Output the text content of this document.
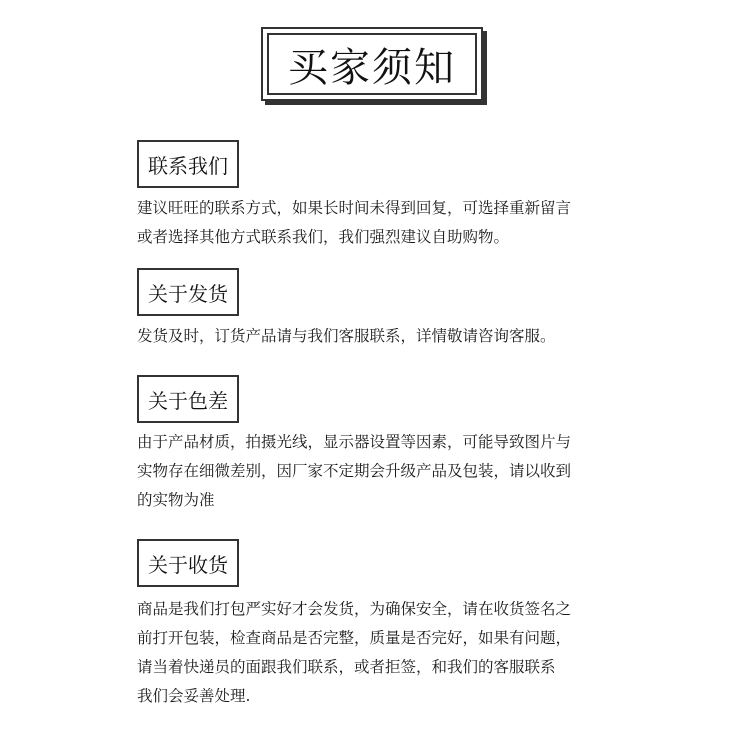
买家须知
联系我们
建议旺旺的联系方式，如果长时间未得到回复，可选择重新留言
或者选择其他方式联系我们，我们强烈建议自助购物。
关于发货
发货及时，订货产品请与我们客服联系，详情敬请咨询客服。
关于色差
由于产品材质，拍摄光线，显示器设置等因素，可能导致图片与
实物存在细微差别，因厂家不定期会升级产品及包装，请以收到
的实物为准
关于收货
商品是我们打包严实好才会发货，为确保安全，请在收货签名之
前打开包装，检查商品是否完整，质量是否完好，如果有问题，
请当着快递员的面跟我们联系，或者拒签，和我们的客服联系
我们会妥善处理.
